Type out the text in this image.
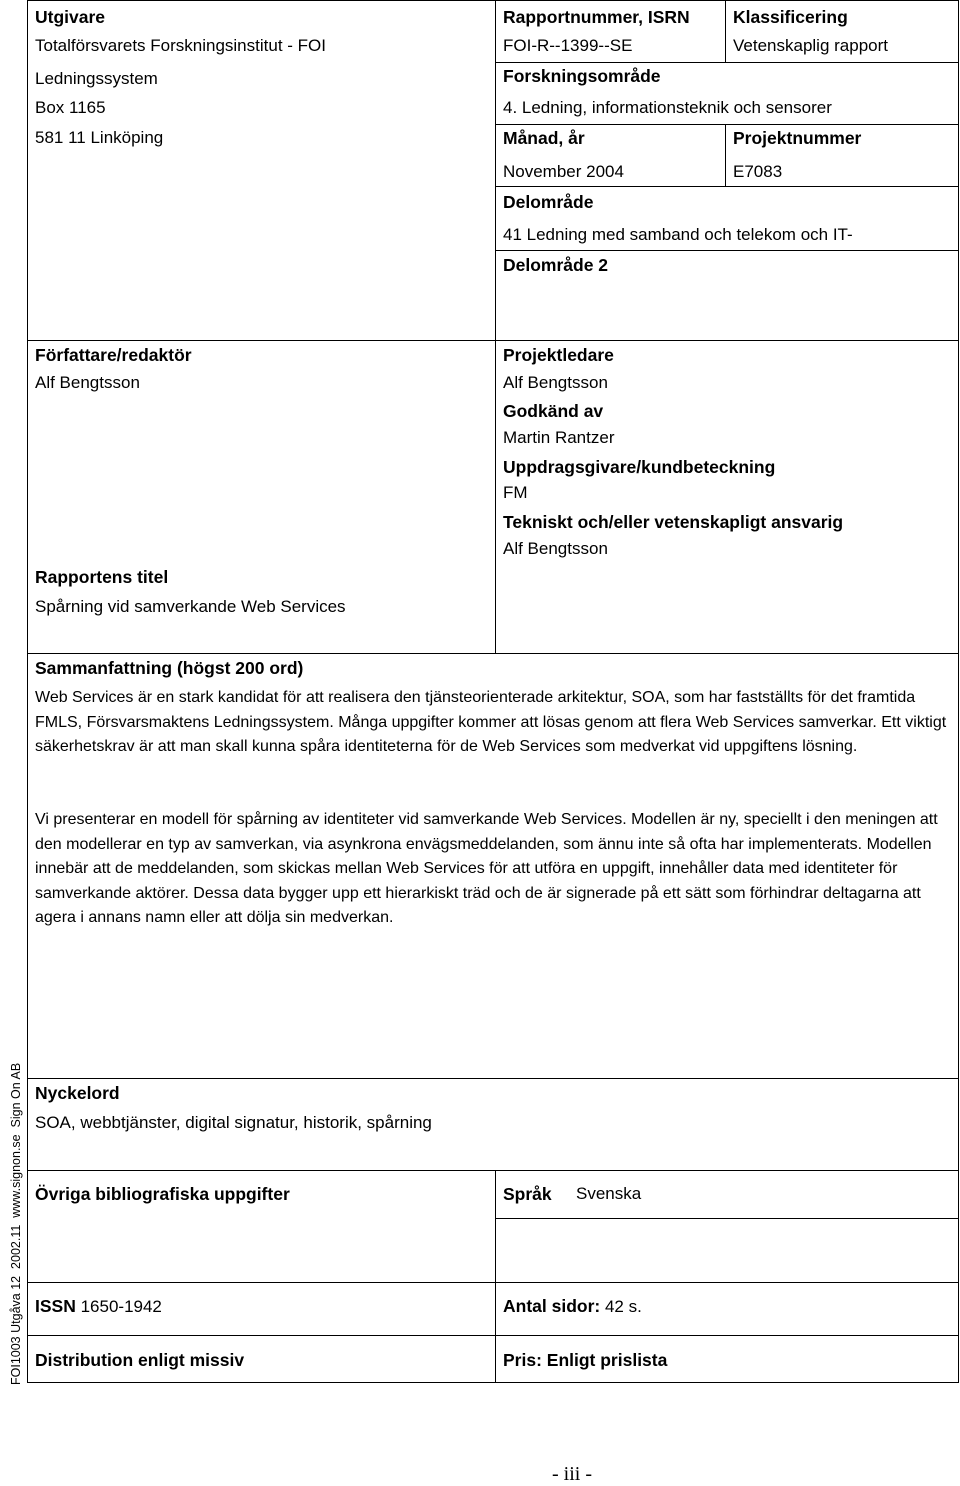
Utgivare
Totalförsvarets Forskningsinstitut - FOI
Ledningssystem
Box 1165
581 11 Linköping
Rapportnummer, ISRN
FOI-R--1399--SE
Klassificering
Vetenskaplig rapport
Forskningsområde
4. Ledning, informationsteknik och sensorer
Månad, år
November 2004
Projektnummer
E7083
Delområde
41 Ledning med samband och telekom och IT-
Delområde 2
Författare/redaktör
Alf Bengtsson
Rapportens titel
Spårning vid samverkande Web Services
Projektledare
Alf Bengtsson
Godkänd av
Martin Rantzer
Uppdragsgivare/kundbeteckning
FM
Tekniskt och/eller vetenskapligt ansvarig
Alf Bengtsson
Sammanfattning (högst 200 ord)
Web Services är en stark kandidat för att realisera den tjänsteorienterade arkitektur, SOA, som har fastställts för det framtida FMLS, Försvarsmaktens Ledningssystem. Många uppgifter kommer att lösas genom att flera Web Services samverkar. Ett viktigt säkerhetskrav är att man skall kunna spåra identiteterna för de Web Services som medverkat vid uppgiftens lösning.
Vi presenterar en modell för spårning av identiteter vid samverkande Web Services. Modellen är ny, speciellt i den meningen att den modellerar en typ av samverkan, via asynkrona envägsmeddelanden, som ännu inte så ofta har implementerats. Modellen innebär att de meddelanden, som skickas mellan Web Services för att utföra en uppgift, innehåller data med identiteter för samverkande aktörer. Dessa data bygger upp ett hierarkiskt träd och de är signerade på ett sätt som förhindrar deltagarna att agera i annans namn eller att dölja sin medverkan.
Nyckelord
SOA, webbtjänster, digital signatur, historik, spårning
Övriga bibliografiska uppgifter	Språk Svenska
ISSN 1650-1942	Antal sidor: 42 s.
Distribution enligt missiv	Pris: Enligt prislista
FOI1003 Utgåva 12  2002.11  www.signon.se  Sign On AB
- iii -
